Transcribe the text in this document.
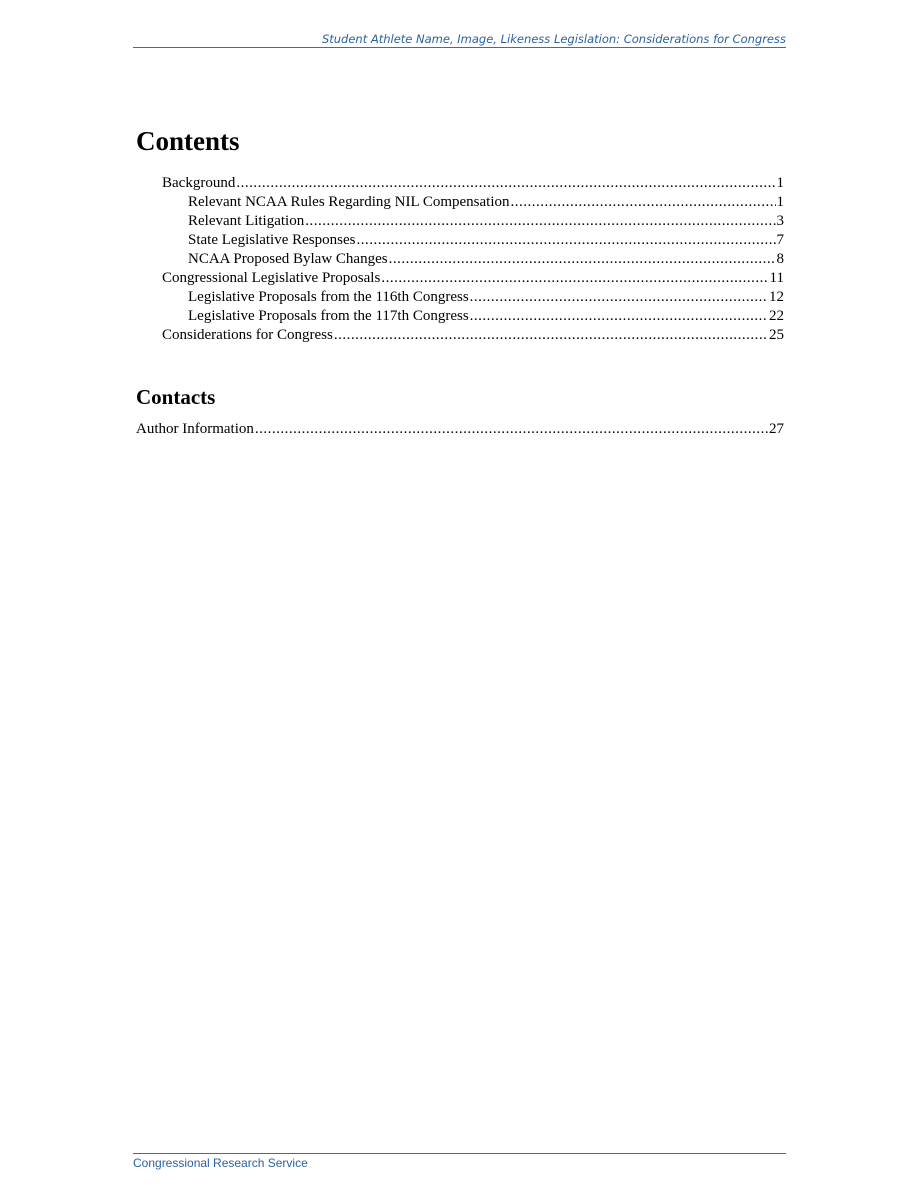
Student Athlete Name, Image, Likeness Legislation: Considerations for Congress
Contents
Background .....	1
Relevant NCAA Rules Regarding NIL Compensation .....	1
Relevant Litigation .....	3
State Legislative Responses .....	7
NCAA Proposed Bylaw Changes .....	8
Congressional Legislative Proposals .....	11
Legislative Proposals from the 116th Congress .....	12
Legislative Proposals from the 117th Congress .....	22
Considerations for Congress .....	25
Contacts
Author Information .....	27
Congressional Research Service
